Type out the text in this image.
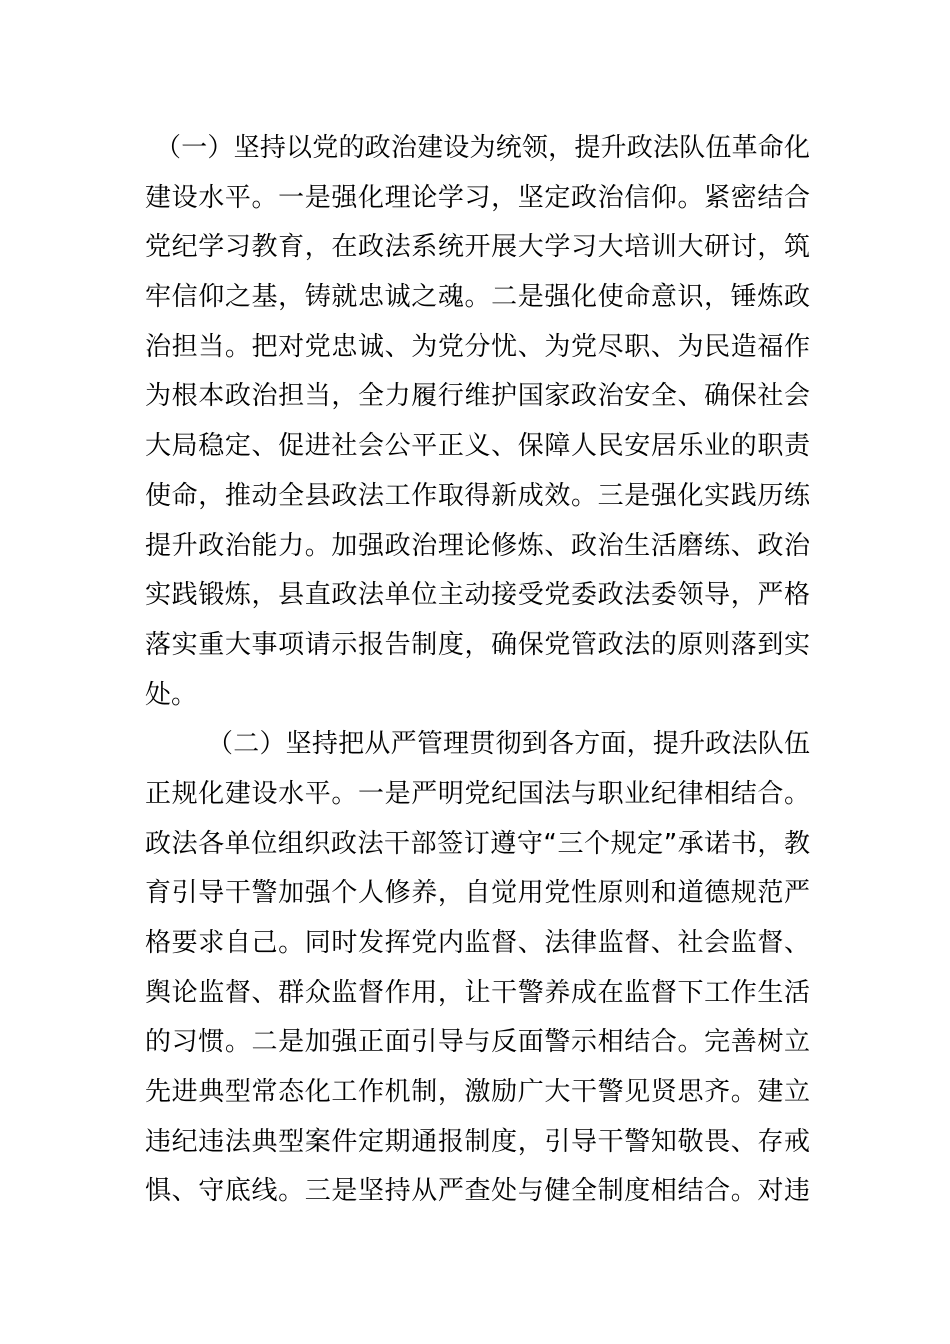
（一）坚持以党的政治建设为统领，提升政法队伍革命化
建设水平。一是强化理论学习，坚定政治信仰。紧密结合
党纪学习教育，在政法系统开展大学习大培训大研讨，筑
牢信仰之基，铸就忠诚之魂。二是强化使命意识，锤炼政
治担当。把对党忠诚、为党分忧、为党尽职、为民造福作
为根本政治担当，全力履行维护国家政治安全、确保社会
大局稳定、促进社会公平正义、保障人民安居乐业的职责
使命，推动全县政法工作取得新成效。三是强化实践历练
提升政治能力。加强政治理论修炼、政治生活磨练、政治
实践锻炼，县直政法单位主动接受党委政法委领导，严格
落实重大事项请示报告制度，确保党管政法的原则落到实
处。
（二）坚持把从严管理贯彻到各方面，提升政法队伍
正规化建设水平。一是严明党纪国法与职业纪律相结合。
政法各单位组织政法干部签订遵守“三个规定”承诺书，教
育引导干警加强个人修养，自觉用党性原则和道德规范严
格要求自己。同时发挥党内监督、法律监督、社会监督、
舆论监督、群众监督作用，让干警养成在监督下工作生活
的习惯。二是加强正面引导与反面警示相结合。完善树立
先进典型常态化工作机制，激励广大干警见贤思齐。建立
违纪违法典型案件定期通报制度，引导干警知敬畏、存戒
惧、守底线。三是坚持从严查处与健全制度相结合。对违
